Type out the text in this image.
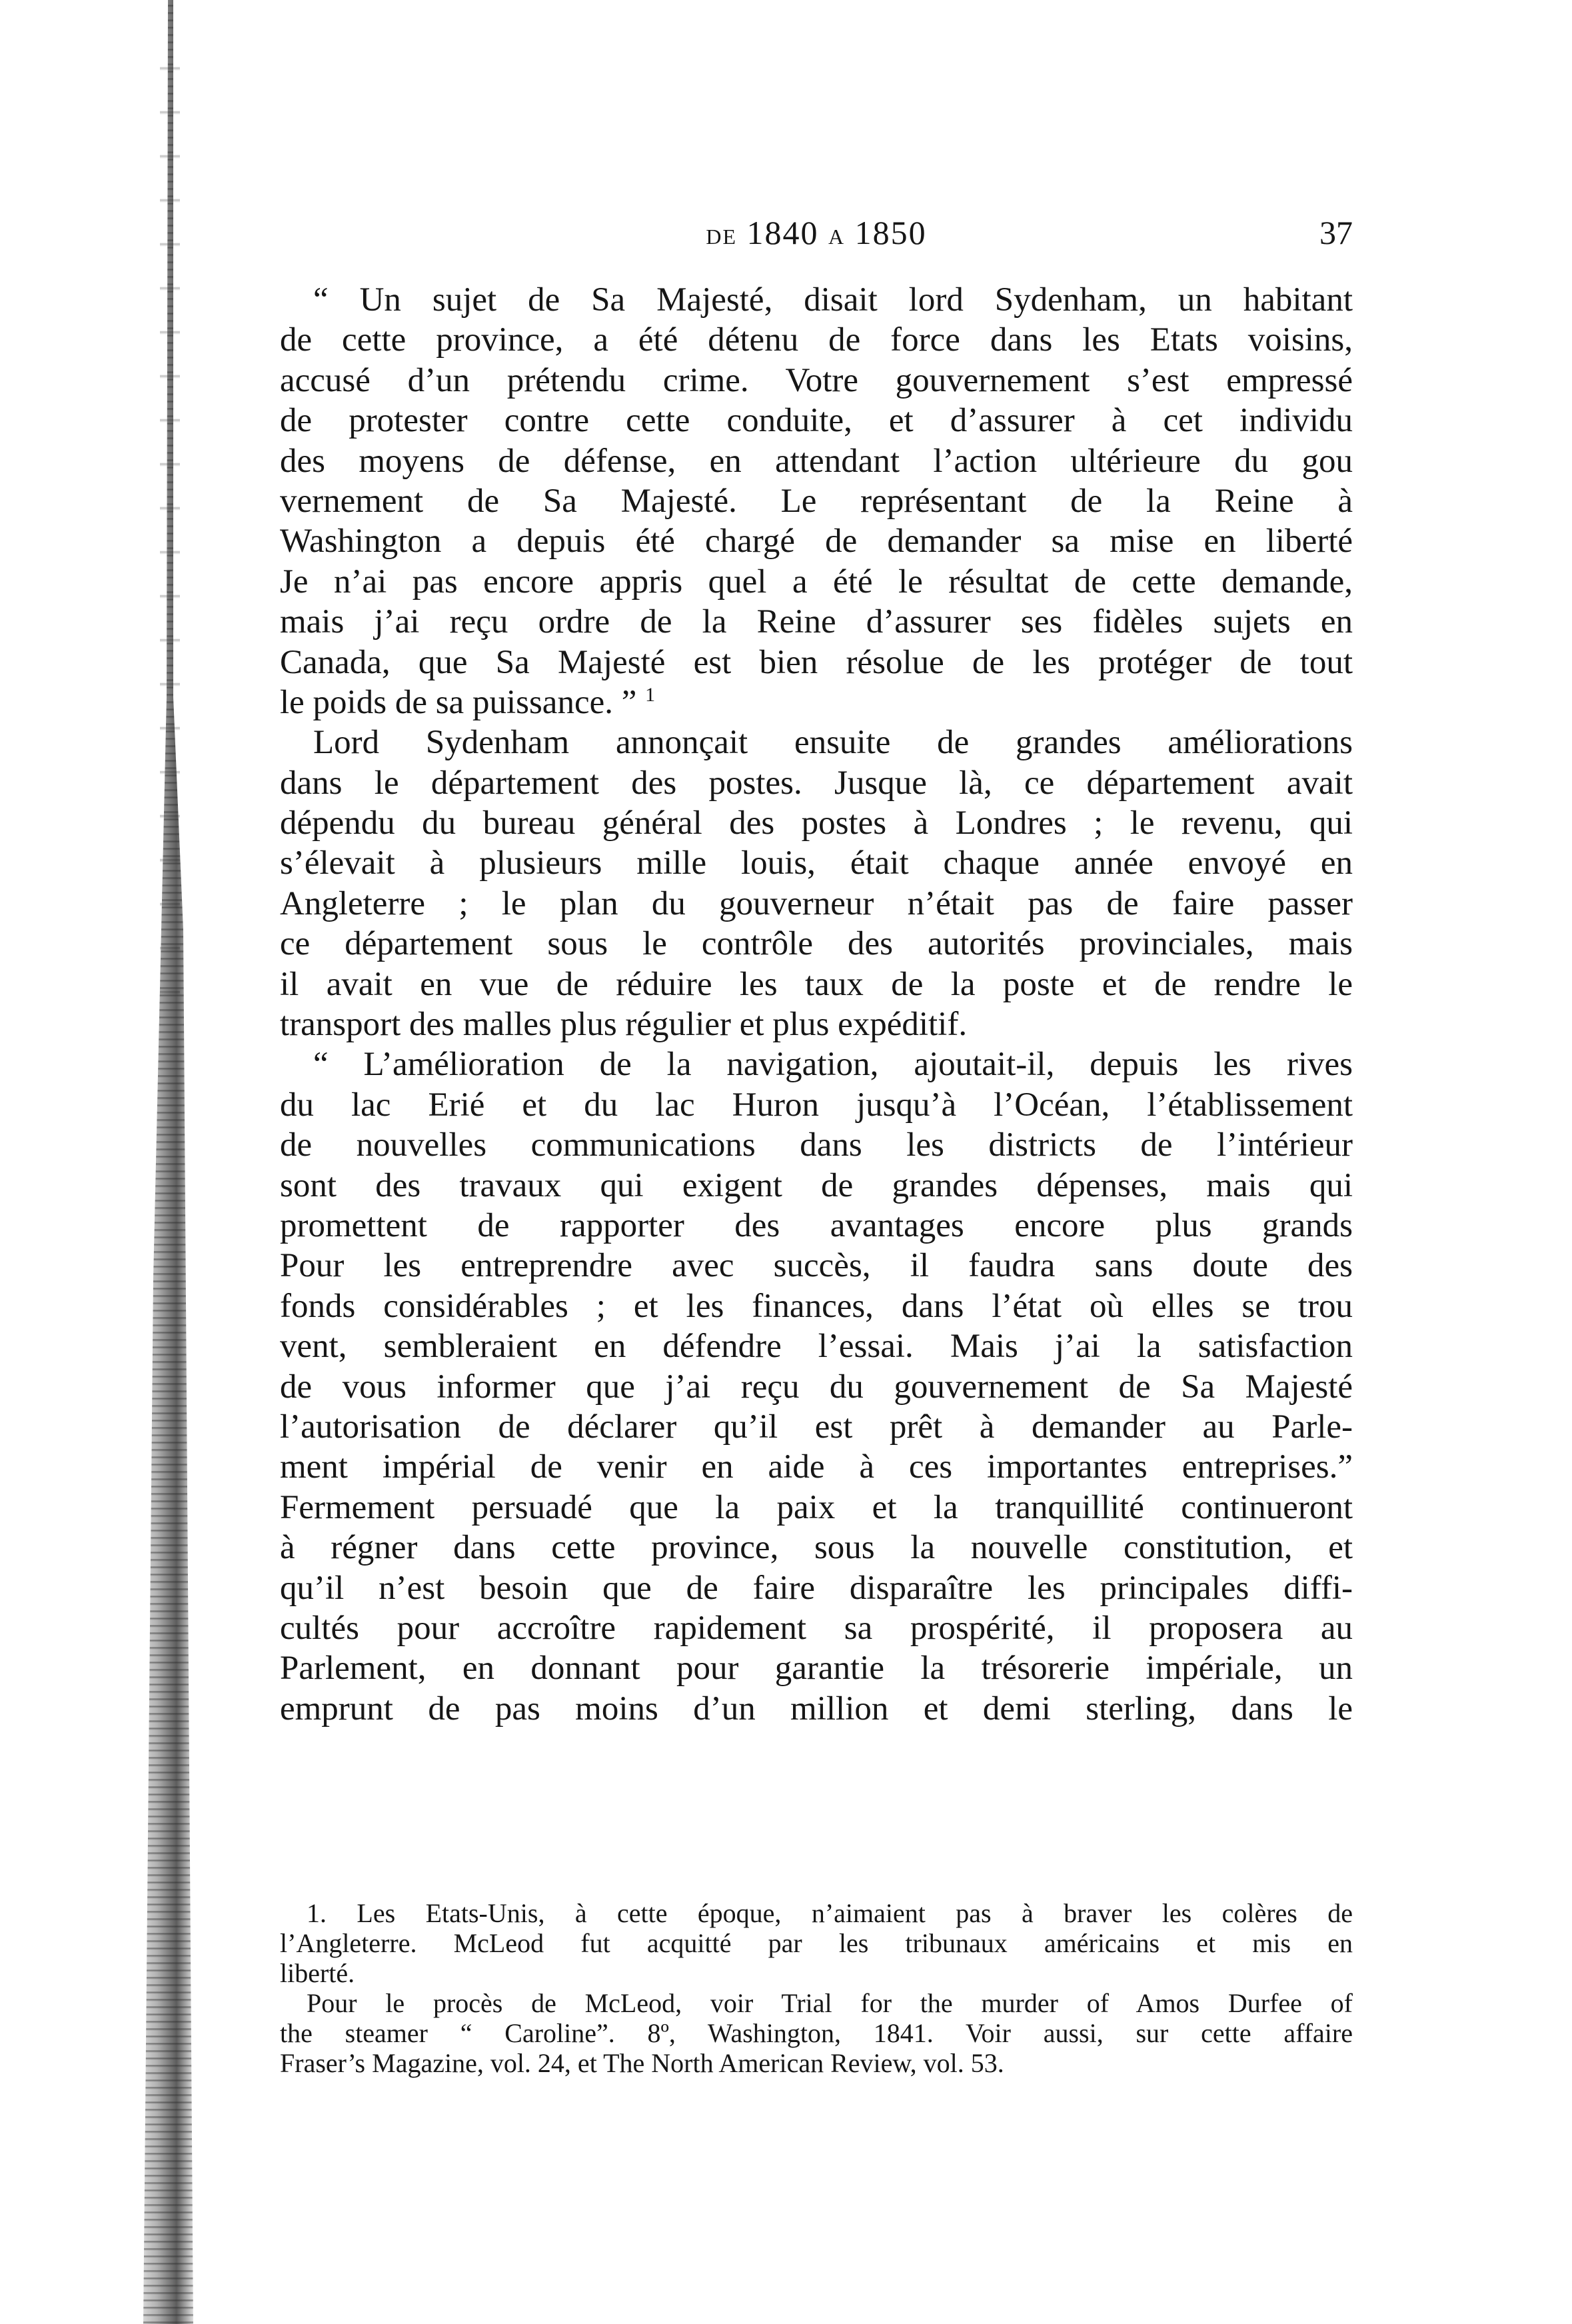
de 1840 a 1850	37
“ Un sujet de Sa Majesté, disait lord Sydenham, un habitant
de cette province, a été détenu de force dans les Etats voisins,
accusé d’un prétendu crime. Votre gouvernement s’est empressé
de protester contre cette conduite, et d’assurer à cet individu
des moyens de défense, en attendant l’action ultérieure du gou
vernement de Sa Majesté. Le représentant de la Reine à
Washington a depuis été chargé de demander sa mise en liberté
Je n’ai pas encore appris quel a été le résultat de cette demande,
mais j’ai reçu ordre de la Reine d’assurer ses fidèles sujets en
Canada, que Sa Majesté est bien résolue de les protéger de tout
le poids de sa puissance. ” $^1$
Lord Sydenham annonçait ensuite de grandes améliorations
dans le département des postes. Jusque là, ce département avait
dépendu du bureau général des postes à Londres ; le revenu, qui
s’élevait à plusieurs mille louis, était chaque année envoyé en
Angleterre ; le plan du gouverneur n’était pas de faire passer
ce département sous le contrôle des autorités provinciales, mais
il avait en vue de réduire les taux de la poste et de rendre le
transport des malles plus régulier et plus expéditif.
“ L’amélioration de la navigation, ajoutait-il, depuis les rives
du lac Erié et du lac Huron jusqu’à l’Océan, l’établissement
de nouvelles communications dans les districts de l’intérieur
sont des travaux qui exigent de grandes dépenses, mais qui
promettent de rapporter des avantages encore plus grands
Pour les entreprendre avec succès, il faudra sans doute des
fonds considérables ; et les finances, dans l’état où elles se trou
vent, sembleraient en défendre l’essai. Mais j’ai la satisfaction
de vous informer que j’ai reçu du gouvernement de Sa Majesté
l’autorisation de déclarer qu’il est prêt à demander au Parle-
ment impérial de venir en aide à ces importantes entreprises.”
Fermement persuadé que la paix et la tranquillité continueront
à régner dans cette province, sous la nouvelle constitution, et
qu’il n’est besoin que de faire disparaître les principales diffi-
cultés pour accroître rapidement sa prospérité, il proposera au
Parlement, en donnant pour garantie la trésorerie impériale, un
emprunt de pas moins d’un million et demi sterling, dans le
1. Les Etats-Unis, à cette époque, n’aimaient pas à braver les colères de
l’Angleterre. McLeod fut acquitté par les tribunaux américains et mis en
liberté.
Pour le procès de McLeod, voir Trial for the murder of Amos Durfee of
the steamer “ Caroline”. 8º, Washington, 1841. Voir aussi, sur cette affaire
Fraser’s Magazine, vol. 24, et The North American Review, vol. 53.
